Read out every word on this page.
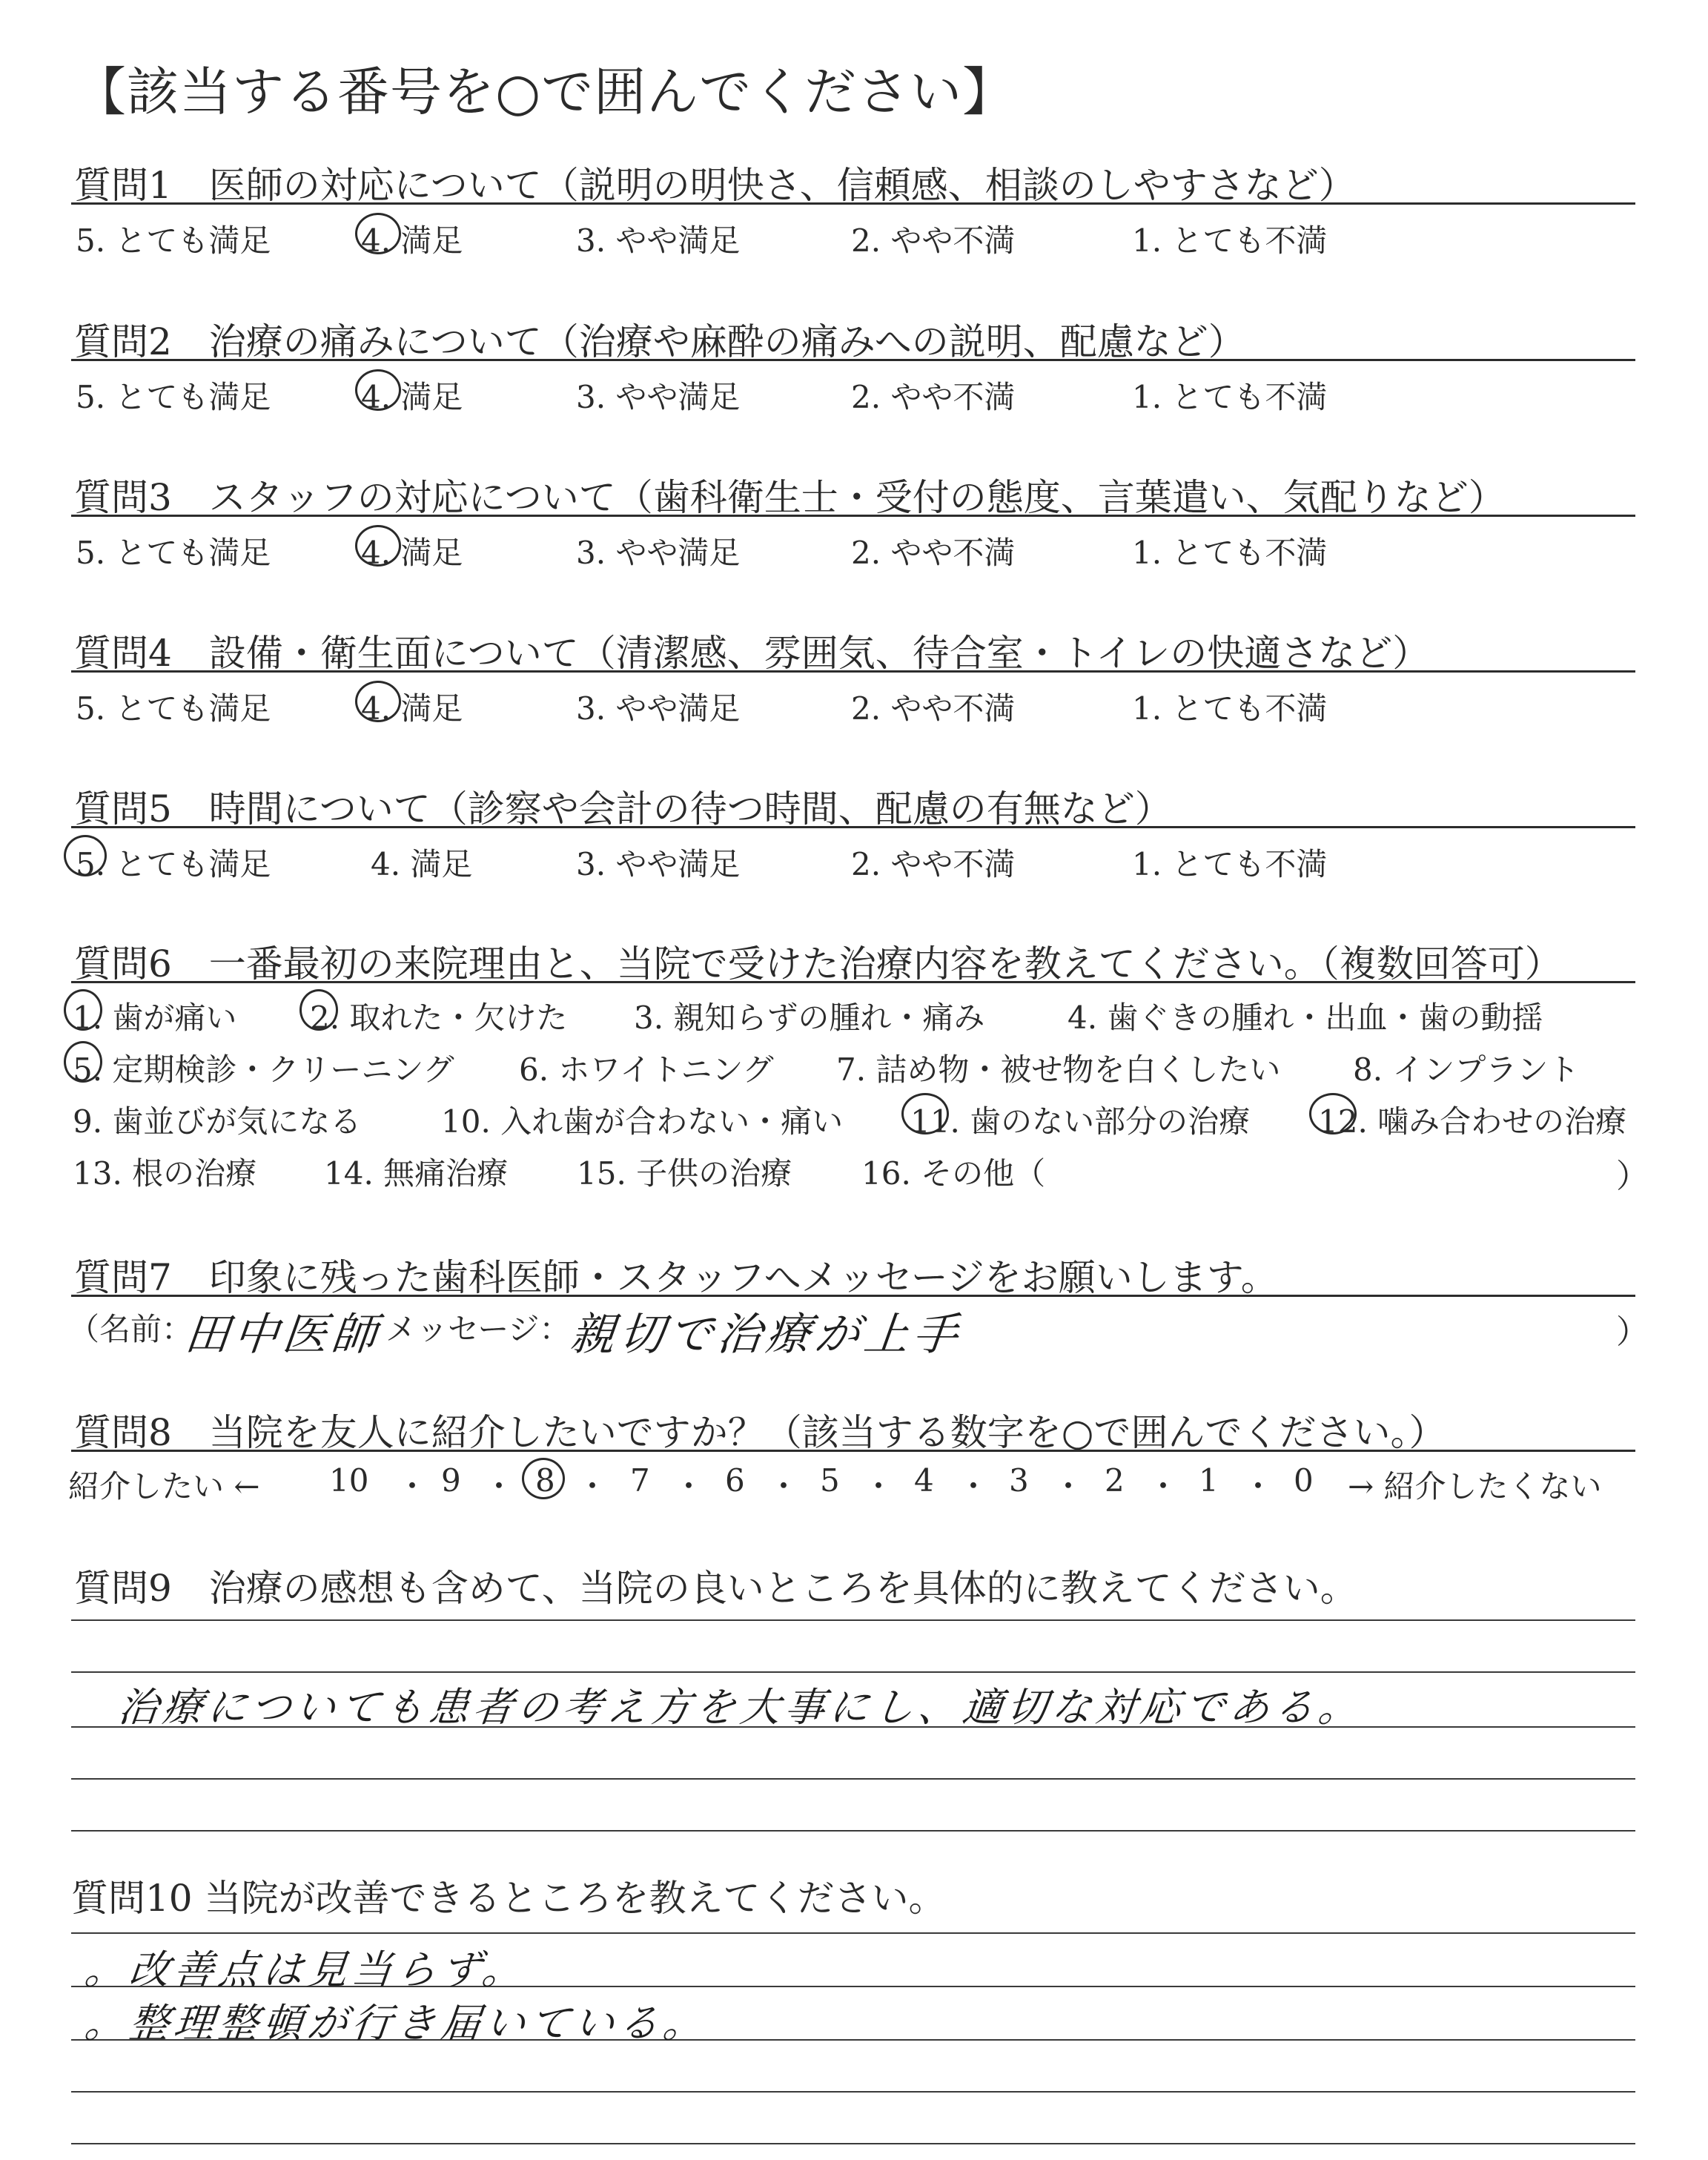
【該当する番号を○で囲んでください】
質問1　医師の対応について（説明の明快さ、信頼感、相談のしやすさなど）
5. とても満足	4. 満足	3. やや満足	2. やや不満	1. とても不満
質問2　治療の痛みについて（治療や麻酔の痛みへの説明、配慮など）
5. とても満足	4. 満足	3. やや満足	2. やや不満	1. とても不満
質問3　スタッフの対応について（歯科衛生士・受付の態度、言葉遣い、気配りなど）
5. とても満足	4. 満足	3. やや満足	2. やや不満	1. とても不満
質問4　設備・衛生面について（清潔感、雰囲気、待合室・トイレの快適さなど）
5. とても満足	4. 満足	3. やや満足	2. やや不満	1. とても不満
質問5　時間について（診察や会計の待つ時間、配慮の有無など）
5. とても満足	4. 満足	3. やや満足	2. やや不満	1. とても不満
質問6　一番最初の来院理由と、当院で受けた治療内容を教えてください。（複数回答可）
1. 歯が痛い 2. 取れた・欠けた 3. 親知らずの腫れ・痛み	4. 歯ぐきの腫れ・出血・歯の動揺
5. 定期検診・クリーニング 6. ホワイトニング 7. 詰め物・被せ物を白くしたい 8. インプラント
9. 歯並びが気になる	10. 入れ歯が合わない・痛い 11. 歯のない部分の治療 12. 噛み合わせの治療
13. 根の治療 14. 無痛治療 15. 子供の治療 16. その他（	）
質問7　印象に残った歯科医師・スタッフへメッセージをお願いします。
（名前：
田中医師 メッセージ：
親切で治療が上手	）
質問8　当院を友人に紹介したいですか？（該当する数字を○で囲んでください。）
紹介したい ← 10 ・ 9 ・ 8 ・ 7 ・ 6 ・ 5 ・ 4 ・ 3 ・ 2 ・ 1 ・ 0 → 紹介したくない
質問9　治療の感想も含めて、当院の良いところを具体的に教えてください。
治療についても患者の考え方を大事にし、適切な対応である。
質問10 当院が改善できるところを教えてください。
。改善点は見当らず。
。整理整頓が行き届いている。
